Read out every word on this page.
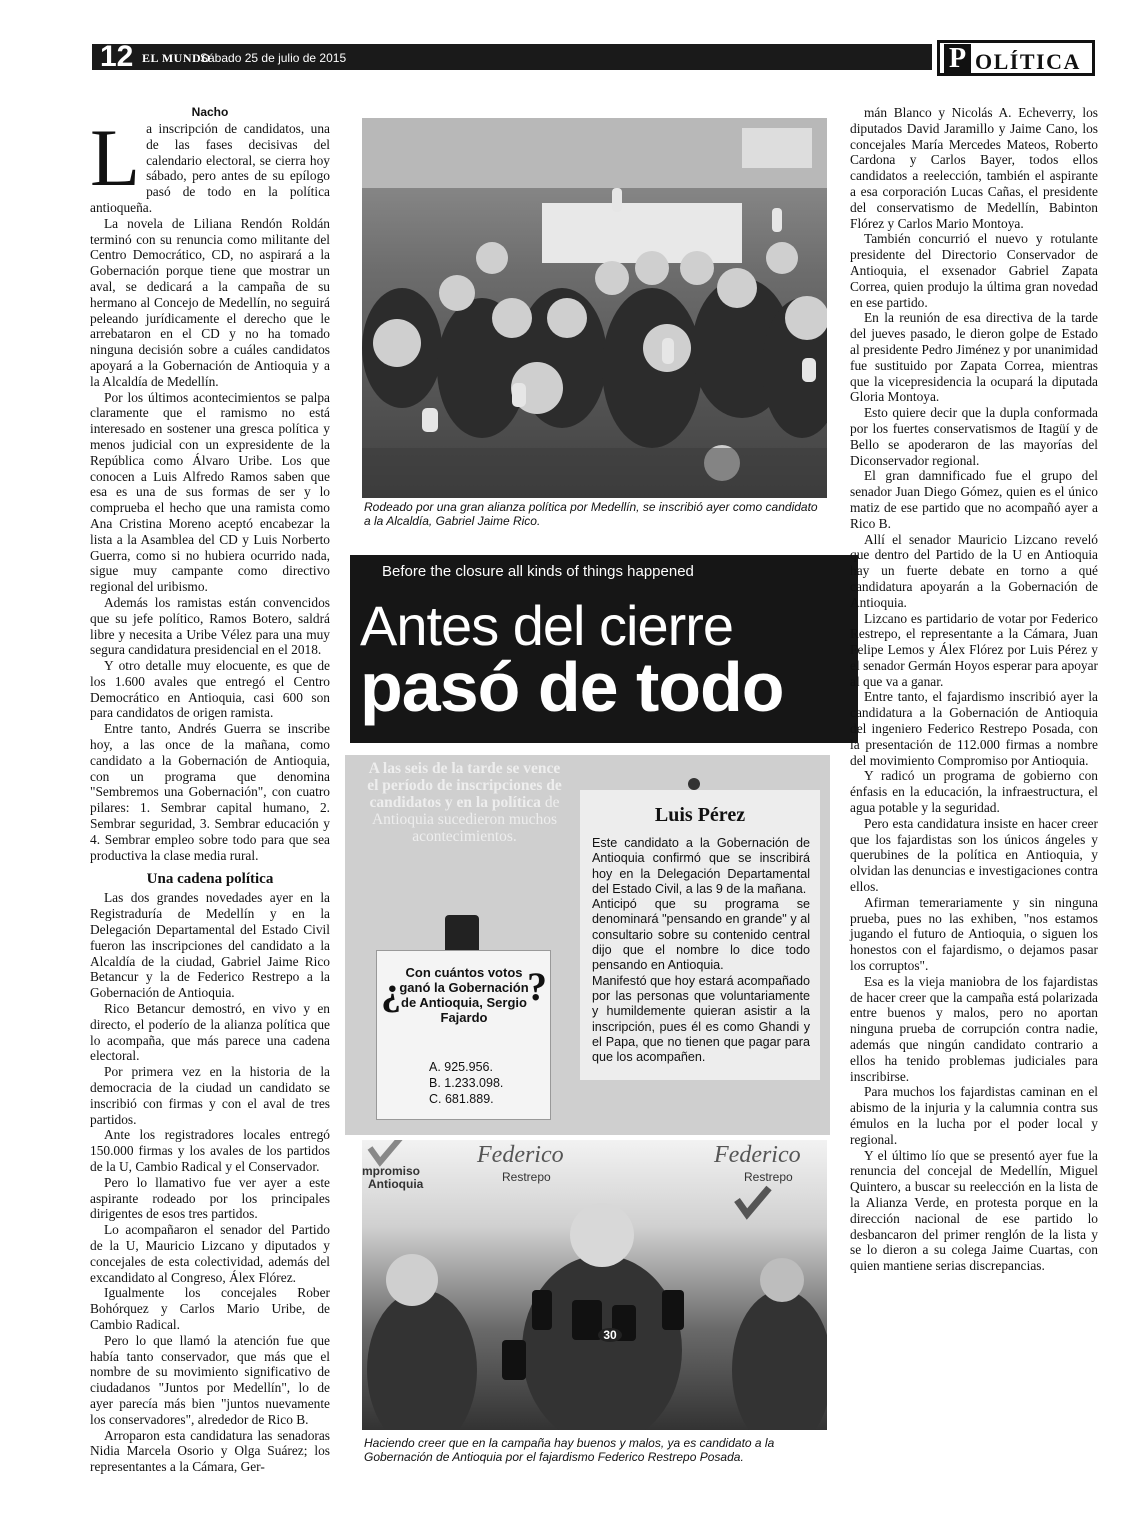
12 EL MUNDO
Sábado 25 de julio de 2015	P OLÍTICA

Nacho

La inscripción de candidatos, una de las fases decisivas del calendario electoral, se cierra hoy sábado, pero antes de su epílogo pasó de todo en la política antioqueña.

La novela de Liliana Rendón Roldán terminó con su renuncia como militante del Centro Democrático, CD, no aspirará a la Gobernación porque tiene que mostrar un aval, se dedicará a la campaña de su hermano al Concejo de Medellín, no seguirá peleando jurídicamente el derecho que le arrebataron en el CD y no ha tomado ninguna decisión sobre a cuáles candidatos apoyará a la Gobernación de Antioquia y a la Alcaldía de Medellín.

Por los últimos acontecimientos se palpa claramente que el ramismo no está interesado en sostener una gresca política y menos judicial con un expresidente de la República como Álvaro Uribe. Los que conocen a Luis Alfredo Ramos saben que esa es una de sus formas de ser y lo comprueba el hecho que una ramista como Ana Cristina Moreno aceptó encabezar la lista a la Asamblea del CD y Luis Norberto Guerra, como si no hubiera ocurrido nada, sigue muy campante como directivo regional del uribismo.

Además los ramistas están convencidos que su jefe político, Ramos Botero, saldrá libre y necesita a Uribe Vélez para una muy segura candidatura presidencial en el 2018.

Y otro detalle muy elocuente, es que de los 1.600 avales que entregó el Centro Democrático en Antioquia, casi 600 son para candidatos de origen ramista.

Entre tanto, Andrés Guerra se inscribe hoy, a las once de la mañana, como candidato a la Gobernación de Antioquia, con un programa que denomina "Sembremos una Gobernación", con cuatro pilares: 1. Sembrar capital humano, 2. Sembrar seguridad, 3. Sembrar educación y 4. Sembrar empleo sobre todo para que sea productiva la clase media rural.

Una cadena política

Las dos grandes novedades ayer en la Registraduría de Medellín y en la Delegación Departamental del Estado Civil fueron las inscripciones del candidato a la Alcaldía de la ciudad, Gabriel Jaime Rico Betancur y la de Federico Restrepo a la Gobernación de Antioquia.

Rico Betancur demostró, en vivo y en directo, el poderío de la alianza política que lo acompaña, que más parece una cadena electoral.

Por primera vez en la historia de la democracia de la ciudad un candidato se inscribió con firmas y con el aval de tres partidos.

Ante los registradores locales entregó 150.000 firmas y los avales de los partidos de la U, Cambio Radical y el Conservador.

Pero lo llamativo fue ver ayer a este aspirante rodeado por los principales dirigentes de esos tres partidos.

Lo acompañaron el senador del Partido de la U, Mauricio Lizcano y diputados y concejales de esta colectividad, además del excandidato al Congreso, Álex Flórez.

Igualmente los concejales Rober Bohórquez y Carlos Mario Uribe, de Cambio Radical.

Pero lo que llamó la atención fue que había tanto conservador, que más que el nombre de su movimiento significativo de ciudadanos "Juntos por Medellín", lo de ayer parecía más bien "juntos nuevamente los conservadores", alrededor de Rico B.

Arroparon esta candidatura las senadoras Nidia Marcela Osorio y Olga Suárez; los representantes a la Cámara, Ger-

Rodeado por una gran alianza política por Medellín, se inscribió ayer como candidato a la Alcaldía, Gabriel Jaime Rico.
Before the closure all kinds of things happened
Antes del cierre
pasó de todo
A las seis de la tarde se vence el período de inscripciones de candidatos y en la política de Antioquia sucedieron muchos acontecimientos.
¿	?
Con cuántos votos ganó la Gobernación de Antioquia, Sergio Fajardo
A. 925.956.
B. 1.233.098.
C. 681.889.
Luis Pérez
Este candidato a la Gobernación de Antioquia confirmó que se inscribirá hoy en la Delegación Departamental del Estado Civil, a las 9 de la mañana.
Anticipó que su programa se denominará "pensando en grande" y al consultario sobre su contenido central dijo que el nombre lo dice todo pensando en Antioquia.
Manifestó que hoy estará acompañado por las personas que voluntariamente y humildemente quieran asistir a la inscripción, pues él es como Ghandi y el Papa, que no tienen que pagar para que los acompañen.
Federico
Restrepo
Federico
Restrepo
mpromiso
Antioquia
30
Haciendo creer que en la campaña hay buenos y malos, ya es candidato a la Gobernación de Antioquia por el fajardismo Federico Restrepo Posada.

mán Blanco y Nicolás A. Echeverry, los diputados David Jaramillo y Jaime Cano, los concejales María Mercedes Mateos, Roberto Cardona y Carlos Bayer, todos ellos candidatos a reelección, también el aspirante a esa corporación Lucas Cañas, el presidente del conservatismo de Medellín, Babinton Flórez y Carlos Mario Montoya.

También concurrió el nuevo y rotulante presidente del Directorio Conservador de Antioquia, el exsenador Gabriel Zapata Correa, quien produjo la última gran novedad en ese partido.

En la reunión de esa directiva de la tarde del jueves pasado, le dieron golpe de Estado al presidente Pedro Jiménez y por unanimidad fue sustituido por Zapata Correa, mientras que la vicepresidencia la ocupará la diputada Gloria Montoya.

Esto quiere decir que la dupla conformada por los fuertes conservatismos de Itagüí y de Bello se apoderaron de las mayorías del Diconservador regional.

El gran damnificado fue el grupo del senador Juan Diego Gómez, quien es el único matiz de ese partido que no acompañó ayer a Rico B.

Allí el senador Mauricio Lizcano reveló que dentro del Partido de la U en Antioquia hay un fuerte debate en torno a qué candidatura apoyarán a la Gobernación de Antioquia.

Lizcano es partidario de votar por Federico Restrepo, el representante a la Cámara, Juan Felipe Lemos y Álex Flórez por Luis Pérez y el senador Germán Hoyos esperar para apoyar al que va a ganar.

Entre tanto, el fajardismo inscribió ayer la candidatura a la Gobernación de Antioquia del ingeniero Federico Restrepo Posada, con la presentación de 112.000 firmas a nombre del movimiento Compromiso por Antioquia.

Y radicó un programa de gobierno con énfasis en la educación, la infraestructura, el agua potable y la seguridad.

Pero esta candidatura insiste en hacer creer que los fajardistas son los únicos ángeles y querubines de la política en Antioquia, y olvidan las denuncias e investigaciones contra ellos.

Afirman temerariamente y sin ninguna prueba, pues no las exhiben, "nos estamos jugando el futuro de Antioquia, o siguen los honestos con el fajardismo, o dejamos pasar los corruptos".

Esa es la vieja maniobra de los fajardistas de hacer creer que la campaña está polarizada entre buenos y malos, pero no aportan ninguna prueba de corrupción contra nadie, además que ningún candidato contrario a ellos ha tenido problemas judiciales para inscribirse.

Para muchos los fajardistas caminan en el abismo de la injuria y la calumnia contra sus émulos en la lucha por el poder local y regional.

Y el último lío que se presentó ayer fue la renuncia del concejal de Medellín, Miguel Quintero, a buscar su reelección en la lista de la Alianza Verde, en protesta porque en la dirección nacional de ese partido lo desbancaron del primer renglón de la lista y se lo dieron a su colega Jaime Cuartas, con quien mantiene serias discrepancias.
